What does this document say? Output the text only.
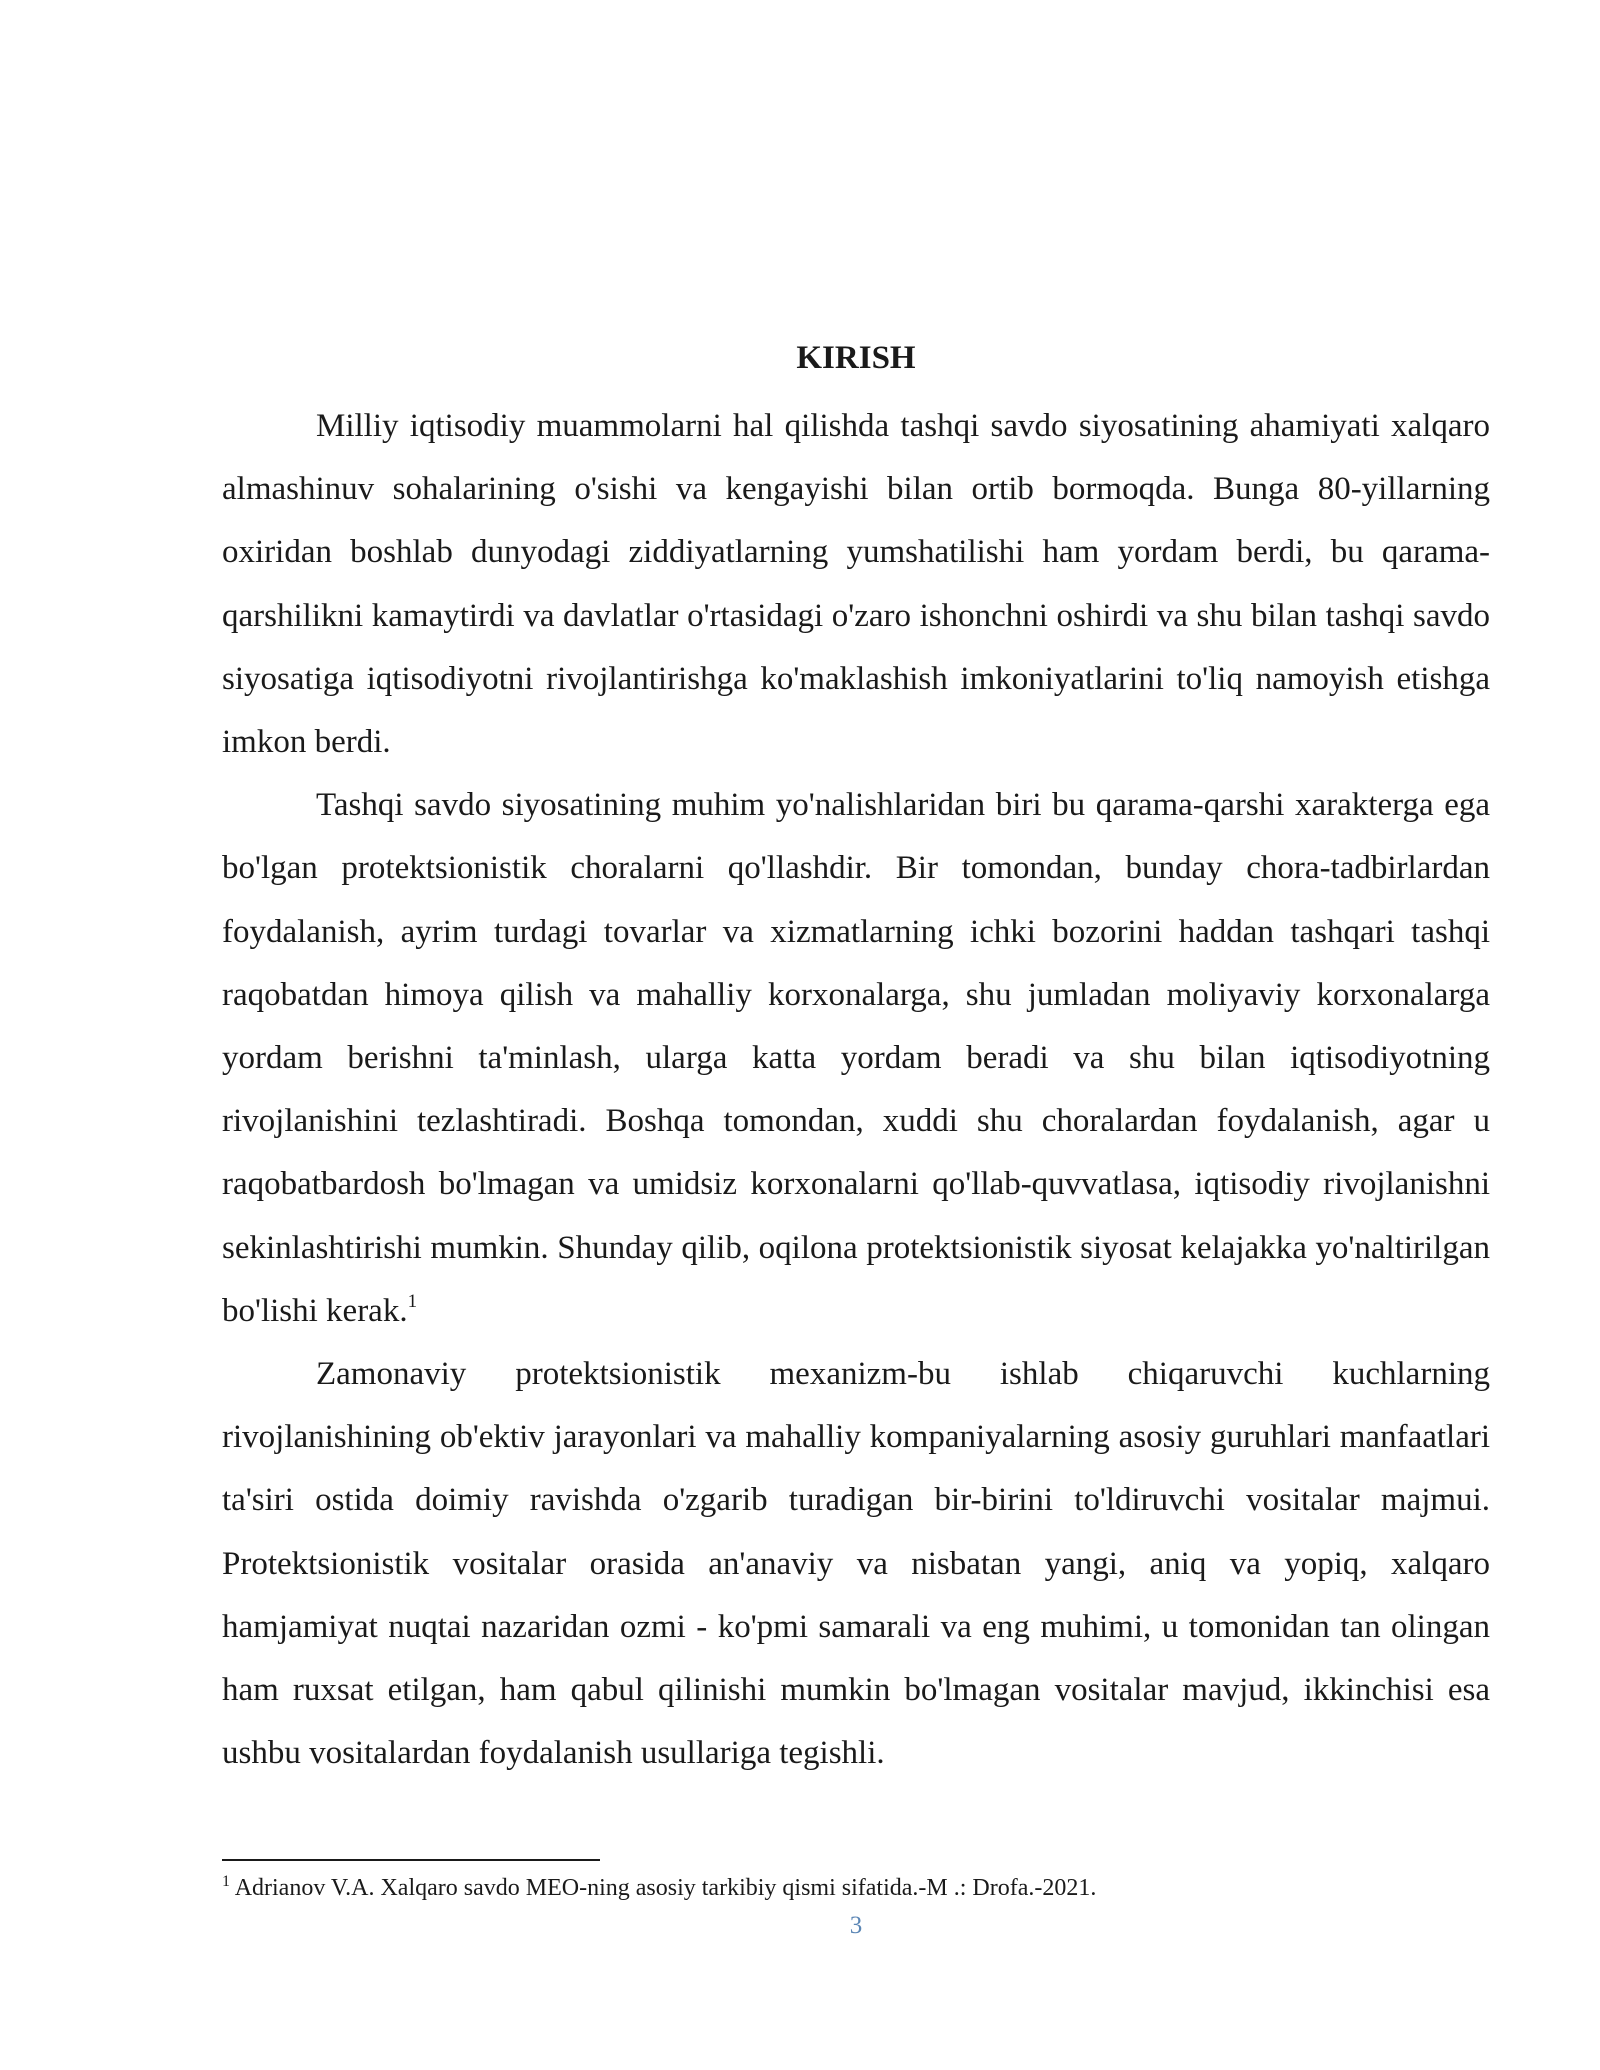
KIRISH

Milliy iqtisodiy muammolarni hal qilishda tashqi savdo siyosatining ahamiyati xalqaro almashinuv sohalarining o'sishi va kengayishi bilan ortib bormoqda. Bunga 80-yillarning oxiridan boshlab dunyodagi ziddiyatlarning yumshatilishi ham yordam berdi, bu qarama-qarshilikni kamaytirdi va davlatlar o'rtasidagi o'zaro ishonchni oshirdi va shu bilan tashqi savdo siyosatiga iqtisodiyotni rivojlantirishga ko'maklashish imkoniyatlarini to'liq namoyish etishga imkon berdi.

Tashqi savdo siyosatining muhim yo'nalishlaridan biri bu qarama-qarshi xarakterga ega bo'lgan protektsionistik choralarni qo'llashdir. Bir tomondan, bunday chora-tadbirlardan foydalanish, ayrim turdagi tovarlar va xizmatlarning ichki bozorini haddan tashqari tashqi raqobatdan himoya qilish va mahalliy korxonalarga, shu jumladan moliyaviy korxonalarga yordam berishni ta'minlash, ularga katta yordam beradi va shu bilan iqtisodiyotning rivojlanishini tezlashtiradi. Boshqa tomondan, xuddi shu choralardan foydalanish, agar u raqobatbardosh bo'lmagan va umidsiz korxonalarni qo'llab-quvvatlasa, iqtisodiy rivojlanishni sekinlashtirishi mumkin. Shunday qilib, oqilona protektsionistik siyosat kelajakka yo'naltirilgan bo'lishi kerak.$^1$

Zamonaviy protektsionistik mexanizm-bu ishlab chiqaruvchi kuchlarning rivojlanishining ob'ektiv jarayonlari va mahalliy kompaniyalarning asosiy guruhlari manfaatlari ta'siri ostida doimiy ravishda o'zgarib turadigan bir-birini to'ldiruvchi vositalar majmui. Protektsionistik vositalar orasida an'anaviy va nisbatan yangi, aniq va yopiq, xalqaro hamjamiyat nuqtai nazaridan ozmi - ko'pmi samarali va eng muhimi, u tomonidan tan olingan ham ruxsat etilgan, ham qabul qilinishi mumkin bo'lmagan vositalar mavjud, ikkinchisi esa ushbu vositalardan foydalanish usullariga tegishli.

$^1$ Adrianov V.A. Xalqaro savdo MEO-ning asosiy tarkibiy qismi sifatida.-M .: Drofa.-2021.

3
